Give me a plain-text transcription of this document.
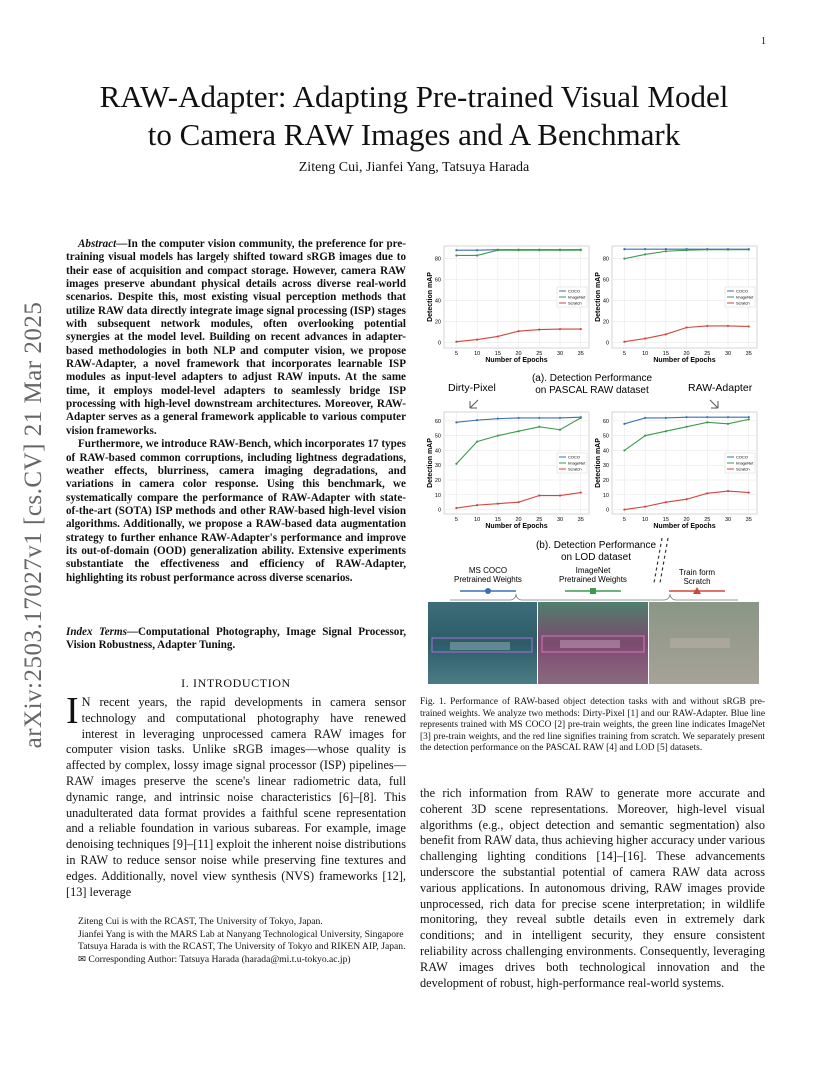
1
arXiv:2503.17027v1 [cs.CV] 21 Mar 2025
RAW-Adapter: Adapting Pre-trained Visual Model
to Camera RAW Images and A Benchmark
Ziteng Cui, Jianfei Yang, Tatsuya Harada

Abstract—In the computer vision community, the preference for pre-training visual models has largely shifted toward sRGB images due to their ease of acquisition and compact storage. However, camera RAW images preserve abundant physical details across diverse real-world scenarios. Despite this, most existing visual perception methods that utilize RAW data directly integrate image signal processing (ISP) stages with subsequent network modules, often overlooking potential synergies at the model level. Building on recent advances in adapter-based methodologies in both NLP and computer vision, we propose RAW-Adapter, a novel framework that incorporates learnable ISP modules as input-level adapters to adjust RAW inputs. At the same time, it employs model-level adapters to seamlessly bridge ISP processing with high-level downstream architectures. Moreover, RAW-Adapter serves as a general framework applicable to various computer vision frameworks.

Furthermore, we introduce RAW-Bench, which incorporates 17 types of RAW-based common corruptions, including lightness degradations, weather effects, blurriness, camera imaging degradations, and variations in camera color response. Using this benchmark, we systematically compare the performance of RAW-Adapter with state-of-the-art (SOTA) ISP methods and other RAW-based high-level vision algorithms. Additionally, we propose a RAW-based data augmentation strategy to further enhance RAW-Adapter's performance and improve its out-of-domain (OOD) generalization ability. Extensive experiments substantiate the effectiveness and efficiency of RAW-Adapter, highlighting its robust performance across diverse scenarios.

Index Terms—Computational Photography, Image Signal Processor, Vision Robustness, Adapter Tuning.
I. INTRODUCTION

I N recent years, the rapid developments in camera sensor technology and computational photography have renewed interest in leveraging unprocessed camera RAW images for computer vision tasks. Unlike sRGB images—whose quality is affected by complex, lossy image signal processor (ISP) pipelines—RAW images preserve the scene's linear radiometric data, full dynamic range, and intrinsic noise characteristics [6]–[8]. This unadulterated data format provides a faithful scene representation and a reliable foundation in various subareas. For example, image denoising techniques [9]–[11] exploit the inherent noise distributions in RAW to reduce sensor noise while preserving fine textures and edges. Additionally, novel view synthesis (NVS) frameworks [12], [13] leverage

Ziteng Cui is with the RCAST, The University of Tokyo, Japan.

Jianfei Yang is with the MARS Lab at Nanyang Technological University, Singapore

Tatsuya Harada is with the RCAST, The University of Tokyo and RIKEN AIP, Japan.

✉ Corresponding Author: Tatsuya Harada (harada@mi.t.u-tokyo.ac.jp)

5	10	15	20	25	30	35
0
20
40
60
80
Number of Epochs
Detection mAP	COCO
ImageNet
Scratch
5	10	15	20	25	30	35
0
20
40
60
80
Number of Epochs
Detection mAP	COCO
ImageNet
Scratch
5	10	15	20	25	30	35
0
10
20
30
40
50
60
Number of Epochs
Detection mAP	COCO
ImageNet
Scratch
5	10	15	20	25	30	35
0
10
20
30
40
50
60
Number of Epochs
Detection mAP	COCO
ImageNet
Scratch
Dirty-Pixel	RAW-Adapter
(a). Detection Performance
on PASCAL RAW dataset
(b). Detection Performance
on LOD dataset
MS COCO
Pretrained Weights
ImageNet
Pretrained Weights
Train form
Scratch
Fig. 1. Performance of RAW-based object detection tasks with and without sRGB pre-trained weights. We analyze two methods: Dirty-Pixel [1] and our RAW-Adapter. Blue line represents trained with MS COCO [2] pre-train weights, the green line indicates ImageNet [3] pre-train weights, and the red line signifies training from scratch. We separately present the detection performance on the PASCAL RAW [4] and LOD [5] datasets.

the rich information from RAW to generate more accurate and coherent 3D scene representations. Moreover, high-level visual algorithms (e.g., object detection and semantic segmentation) also benefit from RAW data, thus achieving higher accuracy under various challenging lighting conditions [14]–[16]. These advancements underscore the substantial potential of camera RAW data across various applications. In autonomous driving, RAW images provide unprocessed, rich data for precise scene interpretation; in wildlife monitoring, they reveal subtle details even in extremely dark conditions; and in intelligent security, they ensure consistent reliability across challenging environments. Consequently, leveraging RAW images drives both technological innovation and the development of robust, high-performance real-world systems.
